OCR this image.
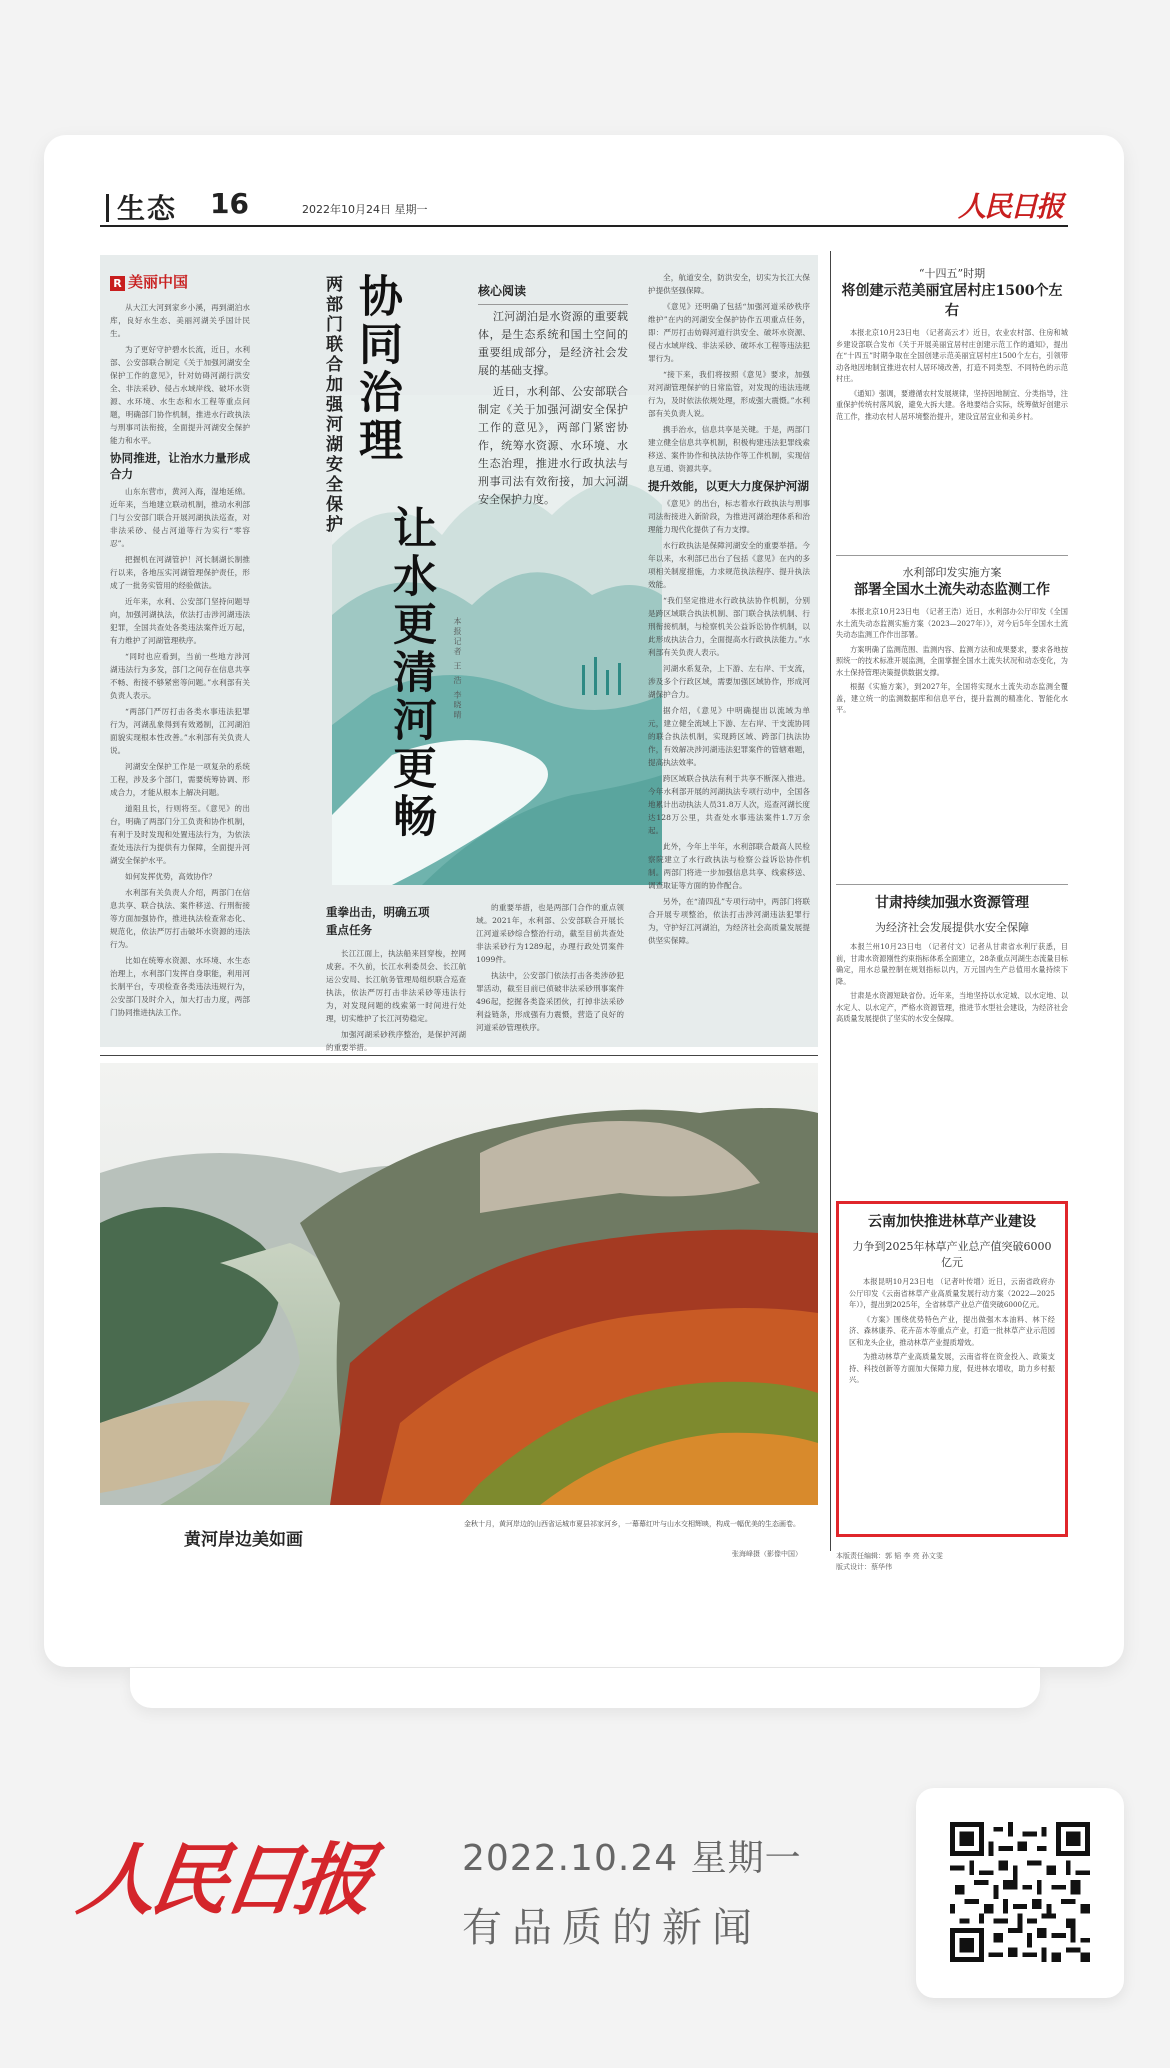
生态 16	2022年10月24日 星期一	人民日报
R 美丽中国

从大江大河到家乡小溪，再到湖泊水库，良好水生态、美丽河湖关乎国计民生。

为了更好守护碧水长流，近日，水利部、公安部联合制定《关于加强河湖安全保护工作的意见》，针对妨碍河湖行洪安全、非法采砂、侵占水域岸线、破坏水资源、水环境、水生态和水工程等重点问题，明确部门协作机制，推进水行政执法与刑事司法衔接，全面提升河湖安全保护能力和水平。

协同推进，让治水力量形成合力

山东东营市，黄河入海，湿地延绵。近年来，当地建立联动机制，推动水利部门与公安部门联合开展河湖执法巡查，对非法采砂、侵占河道等行为实行“零容忍”。

把握机在河湖管护！河长制湖长制推行以来，各地压实河湖管理保护责任，形成了一批务实管用的经验做法。

近年来，水利、公安部门坚持问题导向，加强河湖执法，依法打击涉河湖违法犯罪，全国共查处各类违法案件近万起，有力维护了河湖管理秩序。

“同时也应看到，当前一些地方涉河湖违法行为多发，部门之间存在信息共享不畅、衔接不够紧密等问题。”水利部有关负责人表示。

“两部门严厉打击各类水事违法犯罪行为，河湖乱象得到有效遏制，江河湖泊面貌实现根本性改善。”水利部有关负责人说。

河湖安全保护工作是一项复杂的系统工程，涉及多个部门，需要统筹协调、形成合力，才能从根本上解决问题。

道阻且长，行则将至。《意见》的出台，明确了两部门分工负责和协作机制，有利于及时发现和处置违法行为，为依法查处违法行为提供有力保障，全面提升河湖安全保护水平。

如何发挥优势，高效协作？

水利部有关负责人介绍，两部门在信息共享、联合执法、案件移送、行刑衔接等方面加强协作，推进执法检查常态化、规范化，依法严厉打击破坏水资源的违法行为。

比如在统筹水资源、水环境、水生态治理上，水利部门发挥自身职能，利用河长制平台，专项检查各类违法违规行为，公安部门及时介入，加大打击力度，两部门协同推进执法工作。

两部门联合加强河湖安全保护 协同治理
让水更清河更畅 本报记者 王 浩 李晓晴

核心阅读

江河湖泊是水资源的重要载体，是生态系统和国土空间的重要组成部分，是经济社会发展的基础支撑。

近日，水利部、公安部联合制定《关于加强河湖安全保护工作的意见》，两部门紧密协作，统筹水资源、水环境、水生态治理，推进水行政执法与刑事司法有效衔接，加大河湖安全保护力度。

重拳出击，明确五项
重点任务

长江江面上，执法船来回穿梭，控网成套。不久前，长江水利委员会、长江航运公安局、长江航务管理局组织联合巡查执法，依法严厉打击非法采砂等违法行为，对发现问题的线索第一时间进行处理，切实维护了长江河势稳定。

加强河湖采砂秩序整治，是保护河湖的重要举措。

的重要举措，也是两部门合作的重点领域。2021年，水利部、公安部联合开展长江河道采砂综合整治行动，截至目前共查处非法采砂行为1289起，办理行政处罚案件1099件。

执法中，公安部门依法打击各类涉砂犯罪活动，截至目前已侦破非法采砂刑事案件496起，挖掘各类盗采团伙，打掉非法采砂利益链条，形成强有力震慑，营造了良好的河道采砂管理秩序。

全，航道安全，防洪安全，切实为长江大保护提供坚强保障。

《意见》还明确了包括“加强河道采砂秩序维护”在内的河湖安全保护协作五项重点任务，即：严厉打击妨碍河道行洪安全、破坏水资源、侵占水域岸线、非法采砂、破坏水工程等违法犯罪行为。

“接下来，我们将按照《意见》要求，加强对河湖管理保护的日常监管，对发现的违法违规行为，及时依法依规处理，形成强大震慑。”水利部有关负责人说。

携手治水，信息共享是关键。于是，两部门建立健全信息共享机制，积极构建违法犯罪线索移送、案件协作和执法协作等工作机制，实现信息互通、资源共享。

提升效能，以更大力度保护河湖

《意见》的出台，标志着水行政执法与刑事司法衔接进入新阶段，为推进河湖治理体系和治理能力现代化提供了有力支撑。

水行政执法是保障河湖安全的重要举措。今年以来，水利部已出台了包括《意见》在内的多项相关制度措施，力求规范执法程序、提升执法效能。

“我们坚定推进水行政执法协作机制，分别是跨区域联合执法机制、部门联合执法机制、行刑衔接机制，与检察机关公益诉讼协作机制，以此形成执法合力，全面提高水行政执法能力。”水利部有关负责人表示。

河湖水系复杂，上下游、左右岸、干支流，涉及多个行政区域，需要加强区域协作，形成河湖保护合力。

据介绍，《意见》中明确提出以流域为单元，建立健全流域上下游、左右岸、干支流协同的联合执法机制，实现跨区域、跨部门执法协作，有效解决涉河湖违法犯罪案件的管辖难题，提高执法效率。

跨区域联合执法有利于共享不断深入推进。今年水利部开展的河湖执法专项行动中，全国各地累计出动执法人员31.8万人次，巡查河湖长度达128万公里，共查处水事违法案件1.7万余起。

此外，今年上半年，水利部联合最高人民检察院建立了水行政执法与检察公益诉讼协作机制。两部门将进一步加强信息共享、线索移送、调查取证等方面的协作配合。

另外，在“清四乱”专项行动中，两部门将联合开展专项整治，依法打击涉河湖违法犯罪行为，守护好江河湖泊，为经济社会高质量发展提供坚实保障。

“十四五”时期
将创建示范美丽宜居村庄1500个左右

本报北京10月23日电 （记者高云才）近日，农业农村部、住房和城乡建设部联合发布《关于开展美丽宜居村庄创建示范工作的通知》，提出在“十四五”时期争取在全国创建示范美丽宜居村庄1500个左右，引领带动各地因地制宜推进农村人居环境改善，打造不同类型、不同特色的示范村庄。

《通知》强调，要遵循农村发展规律，坚持因地制宜、分类指导，注重保护传统村落风貌，避免大拆大建。各地要结合实际，统筹做好创建示范工作，推动农村人居环境整治提升，建设宜居宜业和美乡村。

水利部印发实施方案
部署全国水土流失动态监测工作

本报北京10月23日电 （记者王浩）近日，水利部办公厅印发《全国水土流失动态监测实施方案（2023—2027年）》，对今后5年全国水土流失动态监测工作作出部署。

方案明确了监测范围、监测内容、监测方法和成果要求，要求各地按照统一的技术标准开展监测，全面掌握全国水土流失状况和动态变化，为水土保持管理决策提供数据支撑。

根据《实施方案》，到2027年，全国将实现水土流失动态监测全覆盖，建立统一的监测数据库和信息平台，提升监测的精准化、智能化水平。

甘肃持续加强水资源管理
为经济社会发展提供水安全保障

本报兰州10月23日电 （记者付文）记者从甘肃省水利厅获悉，目前，甘肃水资源刚性约束指标体系全面建立，28条重点河湖生态流量目标确定，用水总量控制在规划指标以内，万元国内生产总值用水量持续下降。

甘肃是水资源短缺省份。近年来，当地坚持以水定城、以水定地、以水定人、以水定产，严格水资源管理，推进节水型社会建设，为经济社会高质量发展提供了坚实的水安全保障。

云南加快推进林草产业建设
力争到2025年林草产业总产值突破6000亿元

本报昆明10月23日电 （记者叶传增）近日，云南省政府办公厅印发《云南省林草产业高质量发展行动方案（2022—2025年）》，提出到2025年，全省林草产业总产值突破6000亿元。

《方案》围绕优势特色产业，提出做强木本油料、林下经济、森林康养、花卉苗木等重点产业，打造一批林草产业示范园区和龙头企业，推动林草产业提质增效。

为推动林草产业高质量发展，云南省将在资金投入、政策支持、科技创新等方面加大保障力度，促进林农增收，助力乡村振兴。

本版责任编辑：郭 韬 李 亮 孙文雯
版式设计：蔡华伟
黄河岸边美如画
金秋十月，黄河岸边的山西省运城市夏县祁家河乡，一幕幕红叶与山水交相辉映，构成一幅优美的生态画卷。
张海峰摄（影像中国）
人民日报 2022.10.24 星期一
有品质的新闻
